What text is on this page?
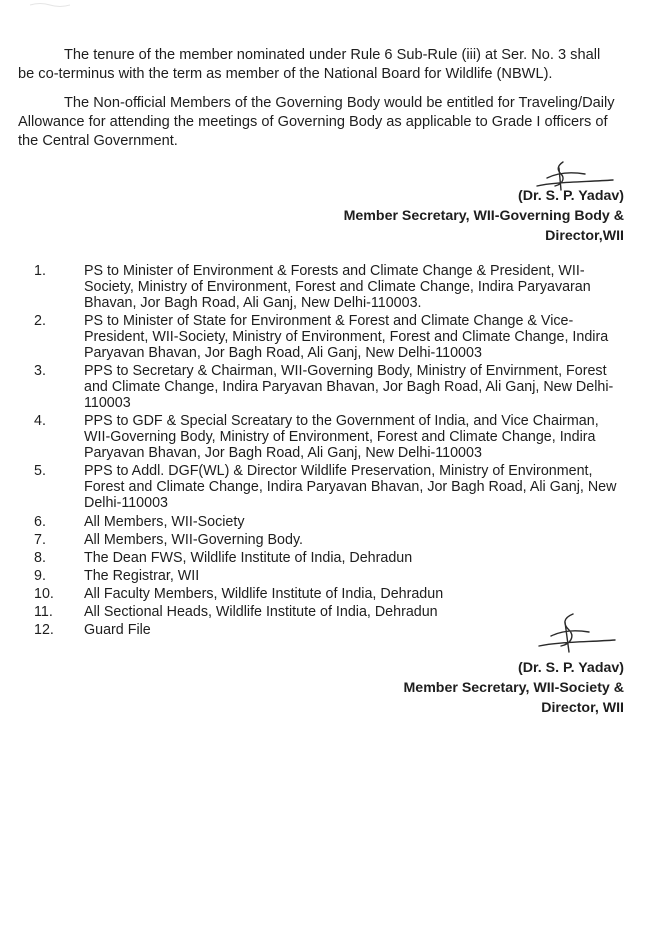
The tenure of the member nominated under Rule 6 Sub-Rule (iii) at Ser. No. 3 shall be co-terminus with the term as member of the National Board for Wildlife (NBWL).

The Non-official Members of the Governing Body would be entitled for Traveling/Daily Allowance for attending the meetings of Governing Body as applicable to Grade I officers of the Central Government.

(Dr. S. P. Yadav)
Member Secretary, WII-Governing Body &
Director,WII
1.	PS to Minister of Environment & Forests and Climate Change & President, WII-Society, Ministry of Environment, Forest and Climate Change, Indira Paryavaran Bhavan, Jor Bagh Road, Ali Ganj, New Delhi-110003.
2.	PS to Minister of State for Environment & Forest and Climate Change & Vice-President, WII-Society, Ministry of Environment, Forest and Climate Change, Indira Paryavan Bhavan, Jor Bagh Road, Ali Ganj, New Delhi-110003
3.	PPS to Secretary & Chairman, WII-Governing Body, Ministry of Envirnment, Forest and Climate Change, Indira Paryavan Bhavan, Jor Bagh Road, Ali Ganj, New Delhi-110003
4.	PPS to GDF & Special Screatary to the Government of India, and Vice Chairman, WII-Governing Body, Ministry of Environment, Forest and Climate Change, Indira Paryavan Bhavan, Jor Bagh Road, Ali Ganj, New Delhi-110003
5.	PPS to Addl. DGF(WL) & Director Wildlife Preservation, Ministry of Environment, Forest and Climate Change, Indira Paryavan Bhavan, Jor Bagh Road, Ali Ganj, New Delhi-110003
6.	All Members, WII-Society
7.	All Members, WII-Governing Body.
8.	The Dean FWS, Wildlife Institute of India, Dehradun
9.	The Registrar, WII
10.	All Faculty Members, Wildlife Institute of India, Dehradun
11.	All Sectional Heads, Wildlife Institute of India, Dehradun
12.	Guard File
(Dr. S. P. Yadav)
Member Secretary, WII-Society &
Director, WII
